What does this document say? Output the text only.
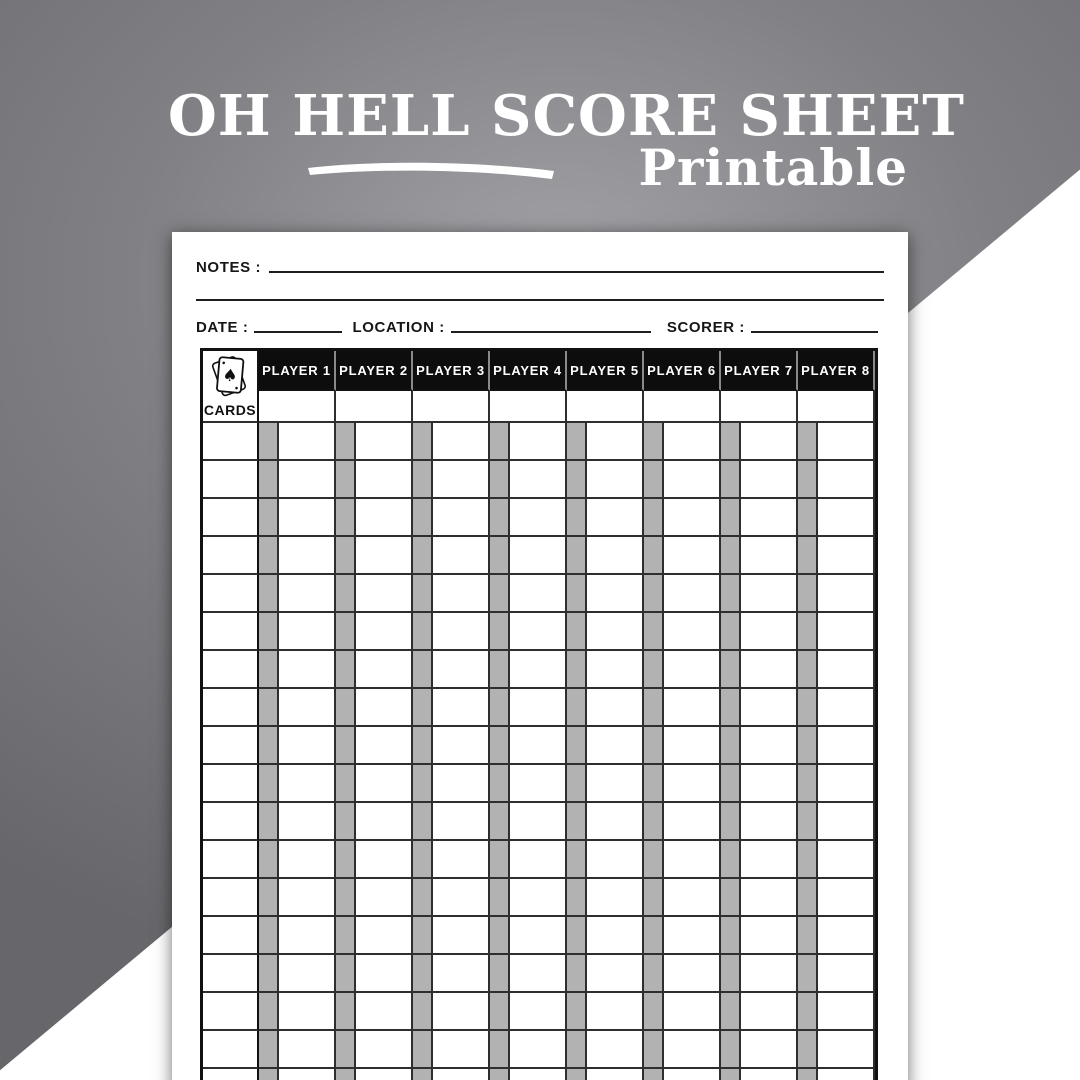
OH HELL SCORE SHEET
Printable
NOTES :
DATE :	LOCATION :	SCORER :
♠
CARDS
PLAYER 1 PLAYER 2 PLAYER 3 PLAYER 4 PLAYER 5 PLAYER 6 PLAYER 7 PLAYER 8
